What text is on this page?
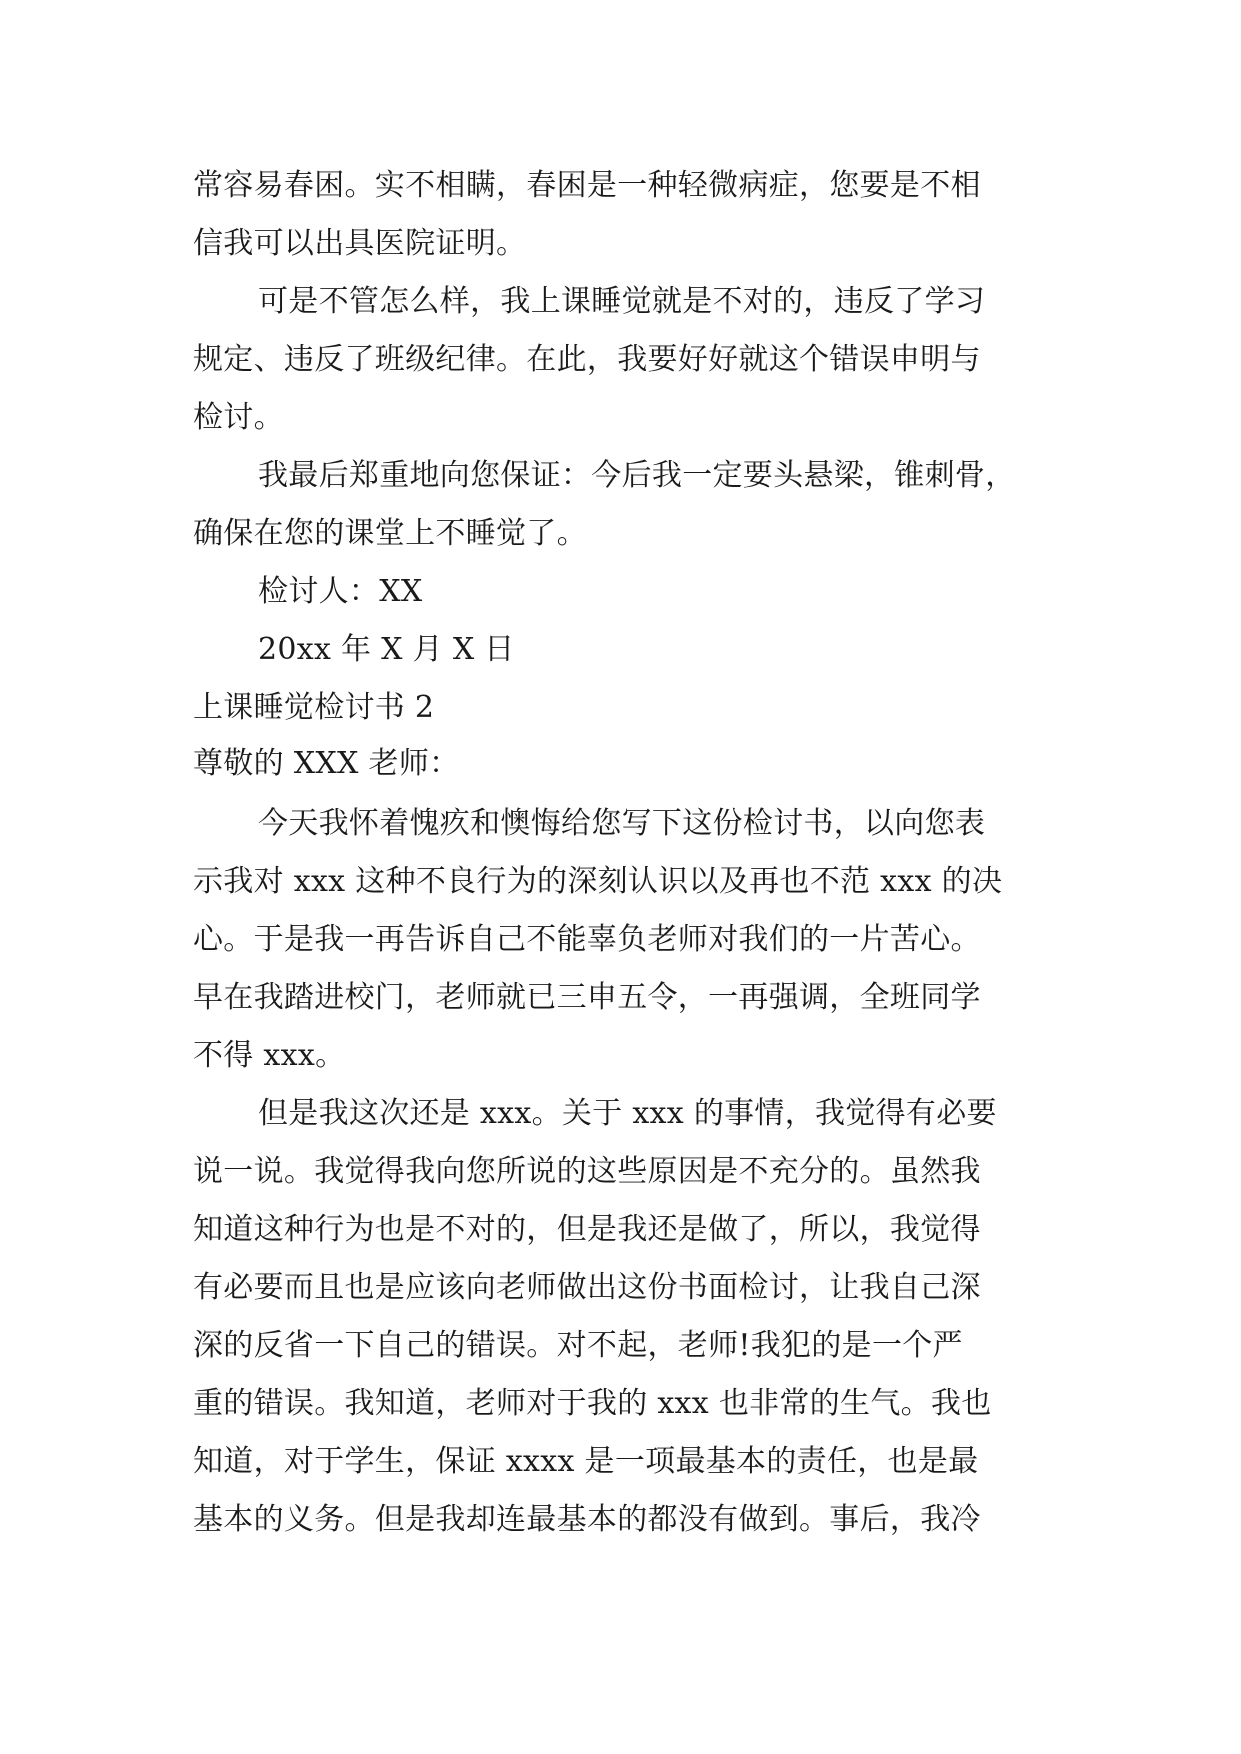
常容易春困。实不相瞒，春困是一种轻微病症，您要是不相
信我可以出具医院证明。
可是不管怎么样，我上课睡觉就是不对的，违反了学习
规定、违反了班级纪律。在此，我要好好就这个错误申明与
检讨。
我最后郑重地向您保证：今后我一定要头悬梁，锥刺骨，
确保在您的课堂上不睡觉了。
检讨人：XX
20xx 年 X 月 X 日
上课睡觉检讨书 2
尊敬的 XXX 老师：
今天我怀着愧疚和懊悔给您写下这份检讨书，以向您表
示我对 xxx 这种不良行为的深刻认识以及再也不范 xxx 的决
心。于是我一再告诉自己不能辜负老师对我们的一片苦心。
早在我踏进校门，老师就已三申五令，一再强调，全班同学
不得 xxx。
但是我这次还是 xxx。关于 xxx 的事情，我觉得有必要
说一说。我觉得我向您所说的这些原因是不充分的。虽然我
知道这种行为也是不对的，但是我还是做了，所以，我觉得
有必要而且也是应该向老师做出这份书面检讨，让我自己深
深的反省一下自己的错误。对不起，老师!我犯的是一个严
重的错误。我知道，老师对于我的 xxx 也非常的生气。我也
知道，对于学生，保证 xxxx 是一项最基本的责任，也是最
基本的义务。但是我却连最基本的都没有做到。事后，我冷
